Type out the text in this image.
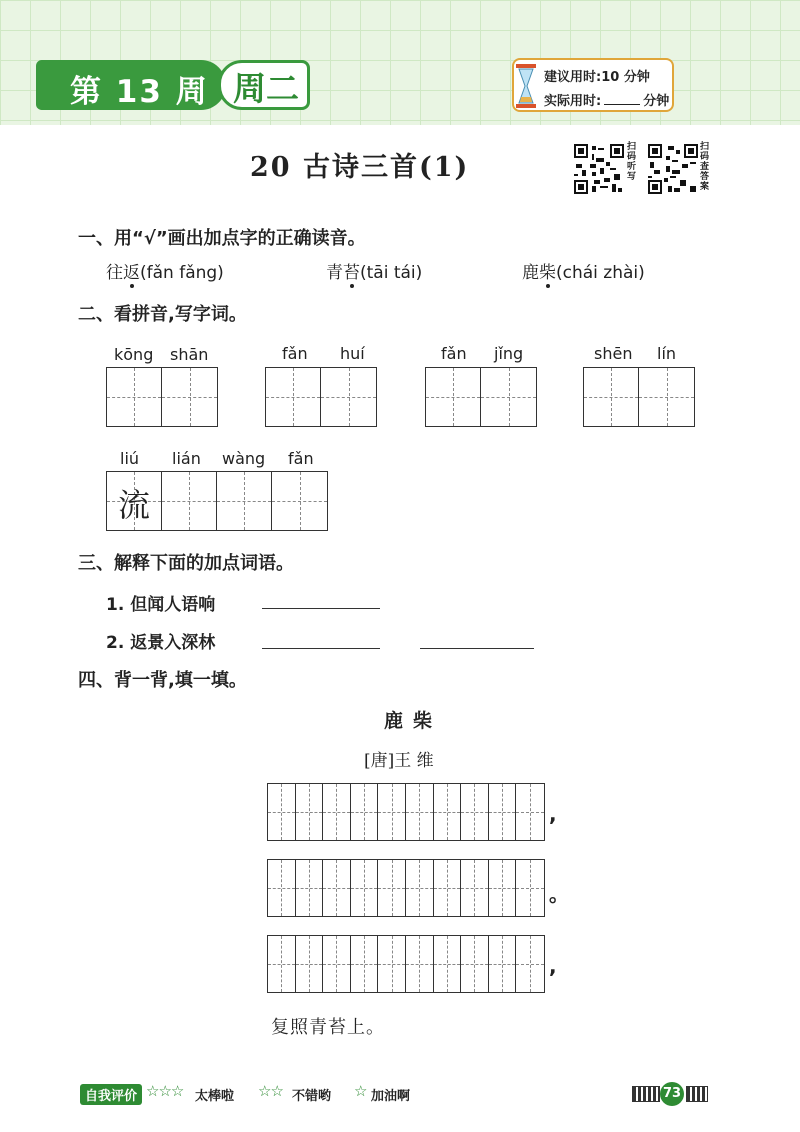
第 13 周 周二	建议用时:10 分钟
实际用时:	分钟
20 古诗三首(1)
扫码听写
扫码查答案
一、用“√”画出加点字的正确读音。
往返(fǎn fǎng)	青苔(tāi tái)	鹿柴(chái zhài)
二、看拼音,写字词。
kōng shān	fǎn huí	fǎn jǐng	shēn lín
liú lián wàng fǎn
流
三、解释下面的加点词语。
1. 但闻人语响
2. 返景入深林
四、背一背,填一填。
鹿柴
[唐]王 维
,
。
,
复照青苔上。
自我评价 ☆☆☆ 太棒啦 ☆☆ 不错哟 ☆ 加油啊	73
